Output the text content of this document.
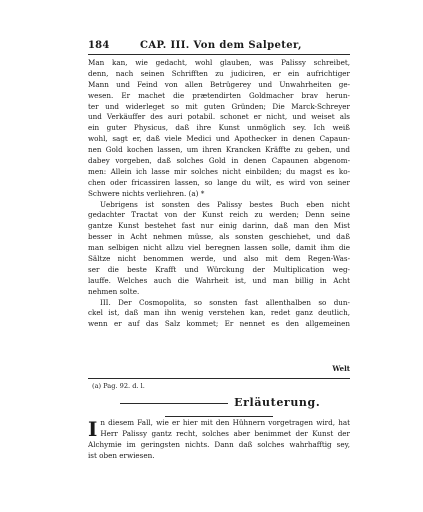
184	CAP. III. Von dem Salpeter,
Man kan, wie gedacht, wohl glauben, was Palissy schreibet,
denn, nach seinen Schrifften zu judiciren, er ein aufrichtiger
Mann und Feind von allen Betrügerey und Unwahrheiten ge-
wesen. Er machet die prætendirten Goldmacher brav herun-
ter und widerleget so mit guten Gründen; Die Marck-Schreyer
und Verkäuffer des auri potabil. schonet er nicht, und weiset als
ein guter Physicus, daß ihre Kunst unmöglich sey. Ich weiß
wohl, sagt er, daß viele Medici und Apothecker in denen Capaun-
nen Gold kochen lassen, um ihren Krancken Kräffte zu geben, und
dabey vorgeben, daß solches Gold in denen Capaunen abgenom-
men: Allein ich lasse mir solches nicht einbilden; du magst es ko-
chen oder fricassiren lassen, so lange du wilt, es wird von seiner
Schwere nichts verliehren. (a) *
Uebrigens ist sonsten des Palissy bestes Buch eben nicht
gedachter Tractat von der Kunst reich zu werden; Denn seine
gantze Kunst bestehet fast nur einig darinn, daß man den Mist
besser in Acht nehmen müsse, als sonsten geschiehet, und daß
man selbigen nicht allzu viel beregnen lassen solle, damit ihm die
Sältze nicht benommen werde, und also mit dem Regen-Was-
ser die beste Krafft und Würckung der Multiplication weg-
lauffe. Welches auch die Wahrheit ist, und man billig in Acht
nehmen solte.
III. Der Cosmopolita, so sonsten fast allenthalben so dun-
ckel ist, daß man ihn wenig verstehen kan, redet ganz deutlich,
wenn er auf das Salz kommet; Er nennet es den allgemeinen
Welt
(a) Pag. 92. d. l.
Erläuterung.
I n diesem Fall, wie er hier mit den Hühnern vorgetragen wird, hat
Herr Palissy gantz recht, solches aber benimmet der Kunst der
Alchymie im geringsten nichts. Dann daß solches wahrhafftig sey,
ist oben erwiesen.
